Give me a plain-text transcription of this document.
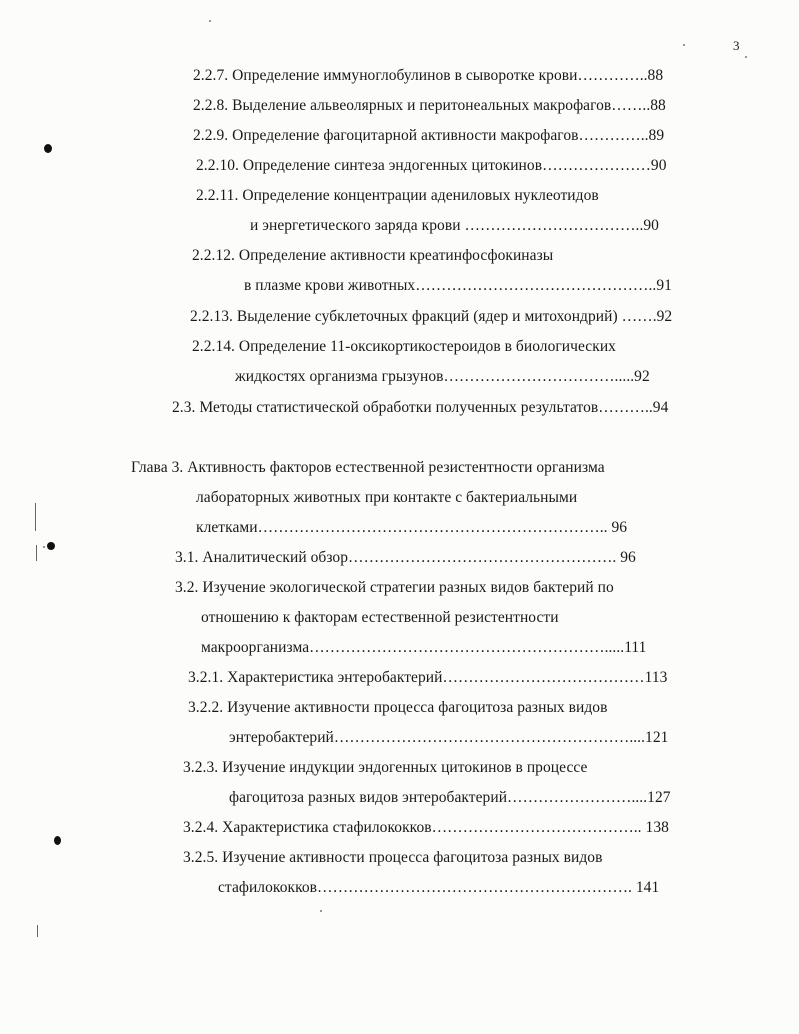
3
2.2.7. Определение иммуноглобулинов в сыворотке крови…………..88
2.2.8. Выделение альвеолярных и перитонеальных макрофагов……..88
2.2.9. Определение фагоцитарной активности макрофагов…………..89
2.2.10. Определение синтеза эндогенных цитокинов…………………90
2.2.11. Определение концентрации адениловых нуклеотидов
и энергетического заряда крови ……………………………..90
2.2.12. Определение активности креатинфосфокиназы
в плазме крови животных………………………………………..91
2.2.13. Выделение субклеточных фракций (ядер и митохондрий) …….92
2.2.14. Определение 11-оксикортикостероидов в биологических
жидкостях организма грызунов…………………………….....92
2.3. Методы статистической обработки полученных результатов………..94
Глава 3. Активность факторов естественной резистентности организма
лабораторных животных при контакте с бактериальными
клетками………………………………………………………….. 96
3.1. Аналитический обзор……………………………………………. 96
3.2. Изучение экологической стратегии разных видов бактерий по
отношению к факторам естественной резистентности
макроорганизма………………………………………………….....111
3.2.1. Характеристика энтеробактерий…………………………………113
3.2.2. Изучение активности процесса фагоцитоза разных видов
энтеробактерий…………………………………………………....121
3.2.3. Изучение индукции эндогенных цитокинов в процессе
фагоцитоза разных видов энтеробактерий……………………....127
3.2.4. Характеристика стафилококков………………………………….. 138
3.2.5. Изучение активности процесса фагоцитоза разных видов
стафилококков……………………………………………………. 141
